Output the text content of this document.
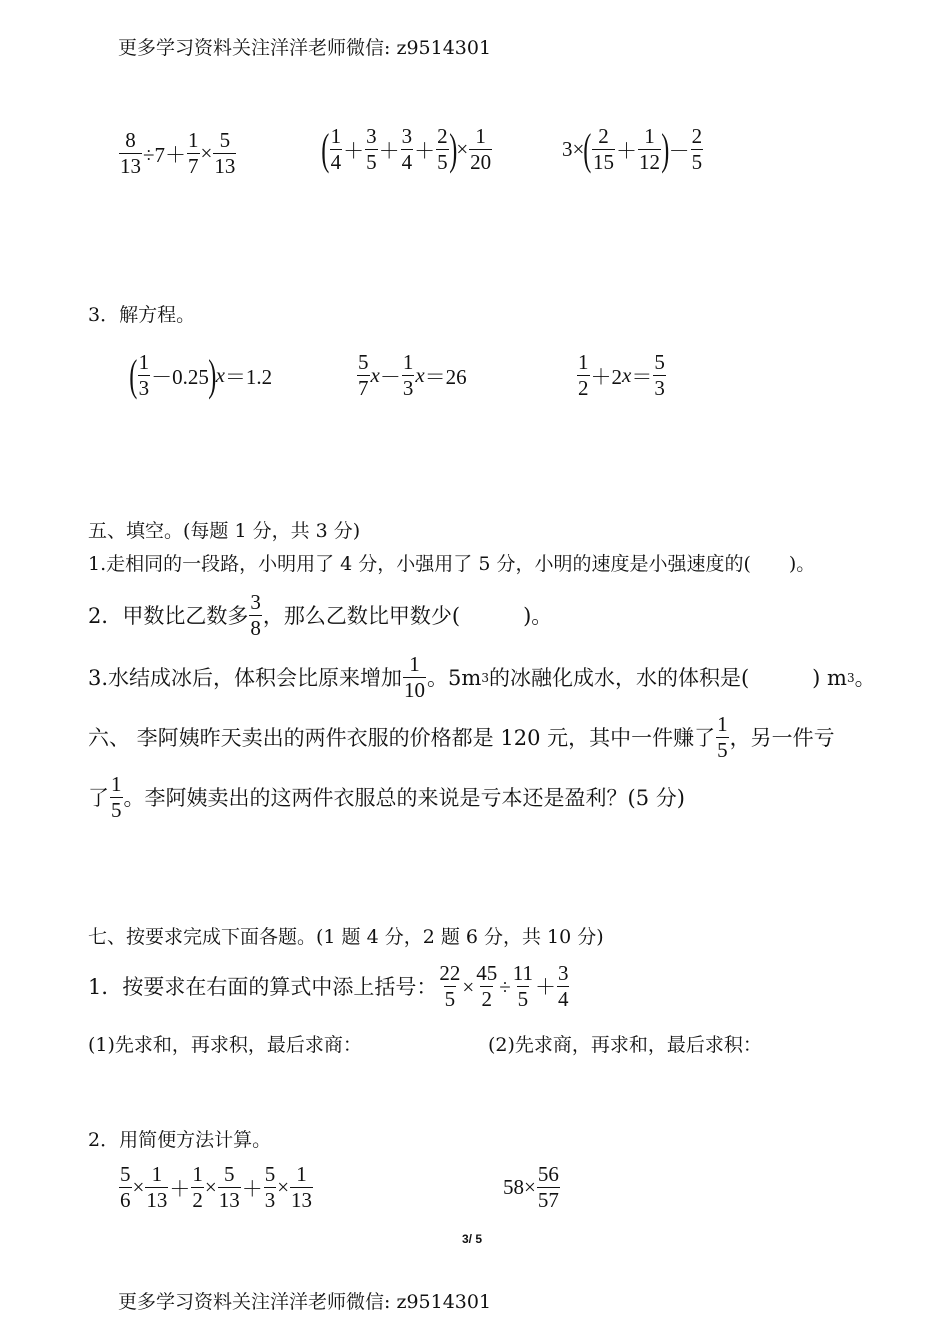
更多学习资料关注洋洋老师微信: z9514301
$\frac{8}{13} \div 7+ \frac{1}{7} \times \frac{5}{13}$ ( $\frac{1}{4} + \frac{3}{5} + \frac{3}{4} + \frac{2}{5}$ ) × $\frac{1}{20}$	3× ( $\frac{2}{15} + \frac{1}{12}$ ) － $\frac{2}{5}$
3．解方程。
( $\frac{1}{3} -0.25$ ) x ＝1.2	$\frac{5}{7}$ $x - \frac{1}{3}$ x ＝26	$\frac{1}{2} +2$ $x = \frac{5}{3}$
五、填空。(每题 1 分，共 3 分)
1.走相同的一段路，小明用了 4 分，小强用了 5 分，小明的速度是小强速度的(　　)。
2．甲数比乙数多 $\frac{3}{8}$ ，那么乙数比甲数少(　　　)。
3.水结成冰后，体积会比原来增加 $\frac{1}{10}$ 。5m 3 的冰融化成水，水的体积是(　　　) m 3 。
六、 李阿姨昨天卖出的两件衣服的价格都是 120 元，其中一件赚了 $\frac{1}{5}$ ，另一件亏
了 $\frac{1}{5}$ 。李阿姨卖出的这两件衣服总的来说是亏本还是盈利？(5 分)
七、按要求完成下面各题。(1 题 4 分，2 题 6 分，共 10 分)
1．按要求在右面的算式中添上括号： $\frac{22}{5} \times \frac{45}{2} \div \frac{11}{5} + \frac{3}{4}$
(1)先求和，再求积，最后求商：	(2)先求商，再求和，最后求积：
2．用简便方法计算。
$\frac{5}{6} \times \frac{1}{13} + \frac{1}{2} \times \frac{5}{13} + \frac{5}{3} \times \frac{1}{13}$	$58\times \frac{56}{57}$
3/ 5
更多学习资料关注洋洋老师微信: z9514301
